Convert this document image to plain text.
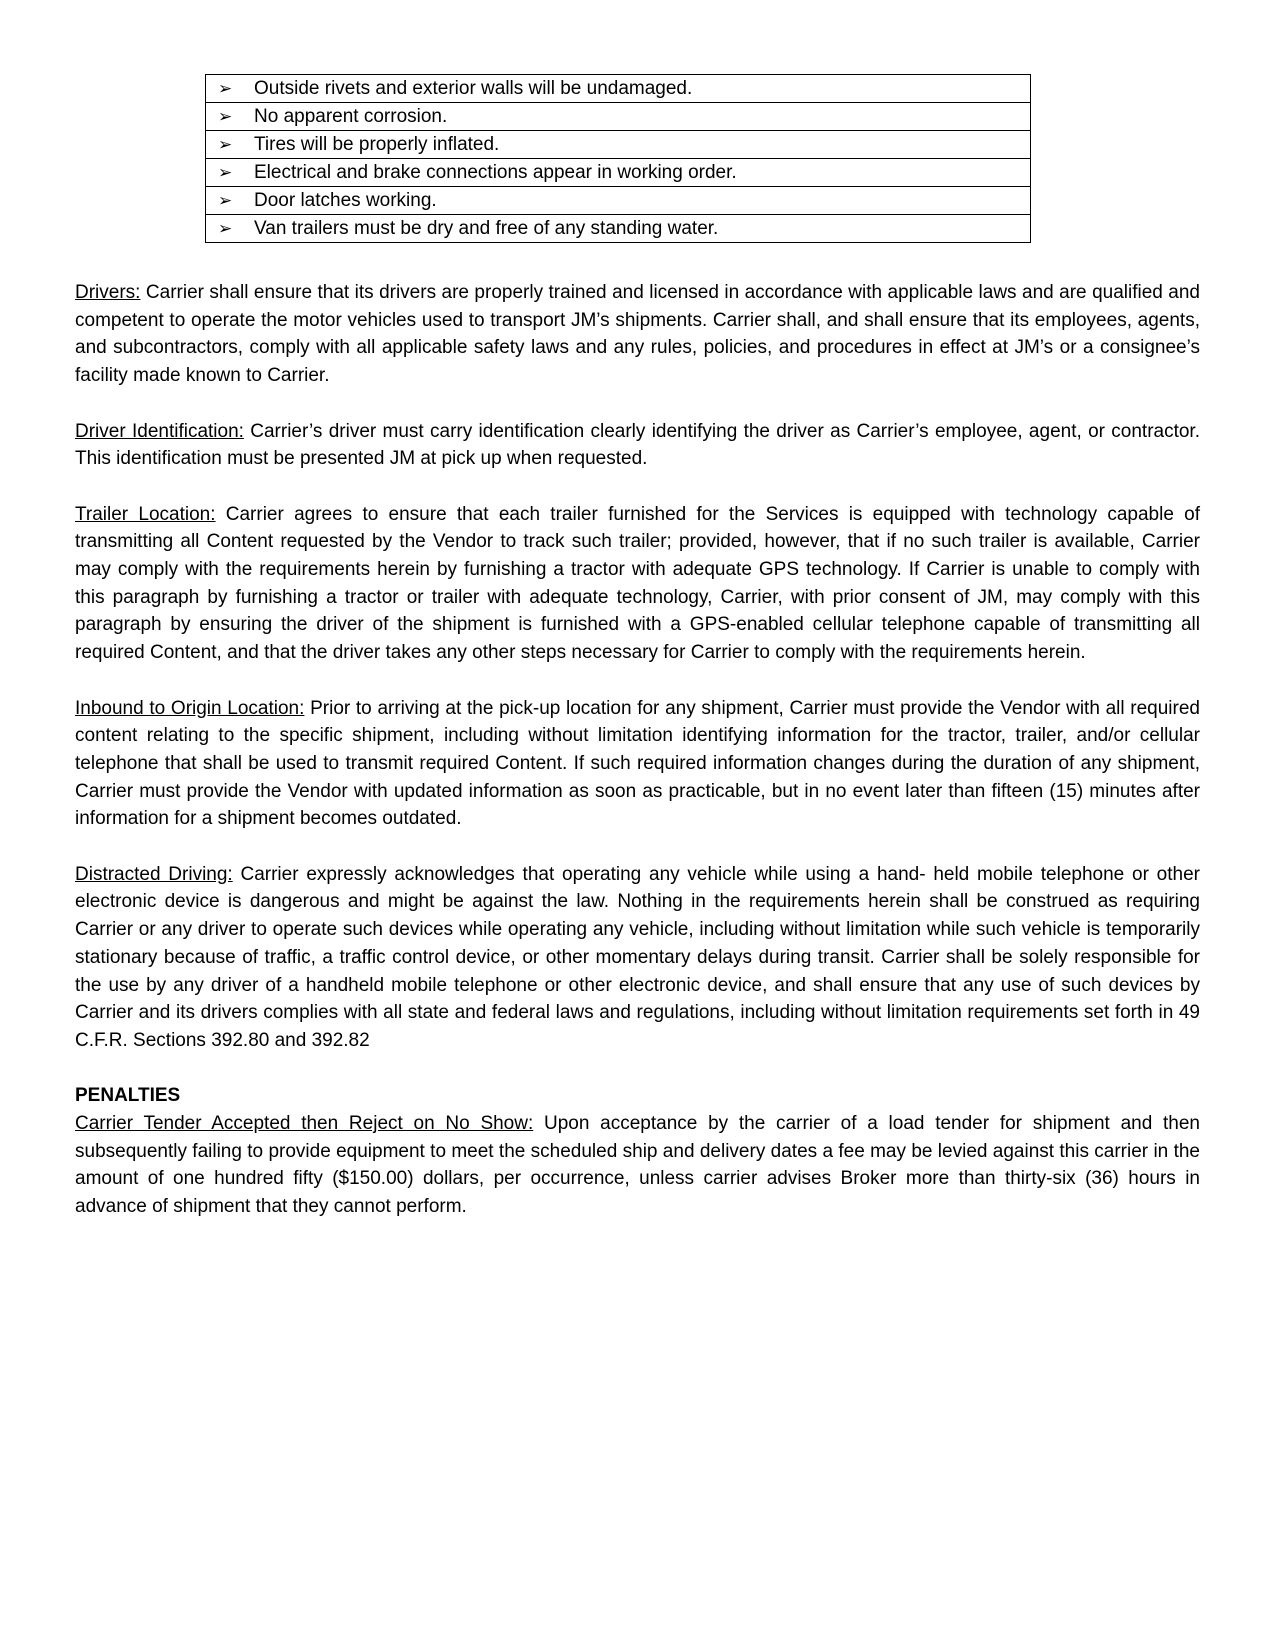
➢ Outside rivets and exterior walls will be undamaged.
➢ No apparent corrosion.
➢ Tires will be properly inflated.
➢ Electrical and brake connections appear in working order.
➢ Door latches working.
➢ Van trailers must be dry and free of any standing water.

Drivers: Carrier shall ensure that its drivers are properly trained and licensed in accordance with applicable laws and are qualified and competent to operate the motor vehicles used to transport JM’s shipments. Carrier shall, and shall ensure that its employees, agents, and subcontractors, comply with all applicable safety laws and any rules, policies, and procedures in effect at JM’s or a consignee’s facility made known to Carrier.

Driver Identification: Carrier’s driver must carry identification clearly identifying the driver as Carrier’s employee, agent, or contractor. This identification must be presented JM at pick up when requested.

Trailer Location: Carrier agrees to ensure that each trailer furnished for the Services is equipped with technology capable of transmitting all Content requested by the Vendor to track such trailer; provided, however, that if no such trailer is available, Carrier may comply with the requirements herein by furnishing a tractor with adequate GPS technology. If Carrier is unable to comply with this paragraph by furnishing a tractor or trailer with adequate technology, Carrier, with prior consent of JM, may comply with this paragraph by ensuring the driver of the shipment is furnished with a GPS-enabled cellular telephone capable of transmitting all required Content, and that the driver takes any other steps necessary for Carrier to comply with the requirements herein.

Inbound to Origin Location: Prior to arriving at the pick-up location for any shipment, Carrier must provide the Vendor with all required content relating to the specific shipment, including without limitation identifying information for the tractor, trailer, and/or cellular telephone that shall be used to transmit required Content. If such required information changes during the duration of any shipment, Carrier must provide the Vendor with updated information as soon as practicable, but in no event later than fifteen (15) minutes after information for a shipment becomes outdated.

Distracted Driving: Carrier expressly acknowledges that operating any vehicle while using a hand- held mobile telephone or other electronic device is dangerous and might be against the law. Nothing in the requirements herein shall be construed as requiring Carrier or any driver to operate such devices while operating any vehicle, including without limitation while such vehicle is temporarily stationary because of traffic, a traffic control device, or other momentary delays during transit. Carrier shall be solely responsible for the use by any driver of a handheld mobile telephone or other electronic device, and shall ensure that any use of such devices by Carrier and its drivers complies with all state and federal laws and regulations, including without limitation requirements set forth in 49 C.F.R. Sections 392.80 and 392.82

PENALTIES

Carrier Tender Accepted then Reject on No Show: Upon acceptance by the carrier of a load tender for shipment and then subsequently failing to provide equipment to meet the scheduled ship and delivery dates a fee may be levied against this carrier in the amount of one hundred fifty ($150.00) dollars, per occurrence, unless carrier advises Broker more than thirty-six (36) hours in advance of shipment that they cannot perform.
